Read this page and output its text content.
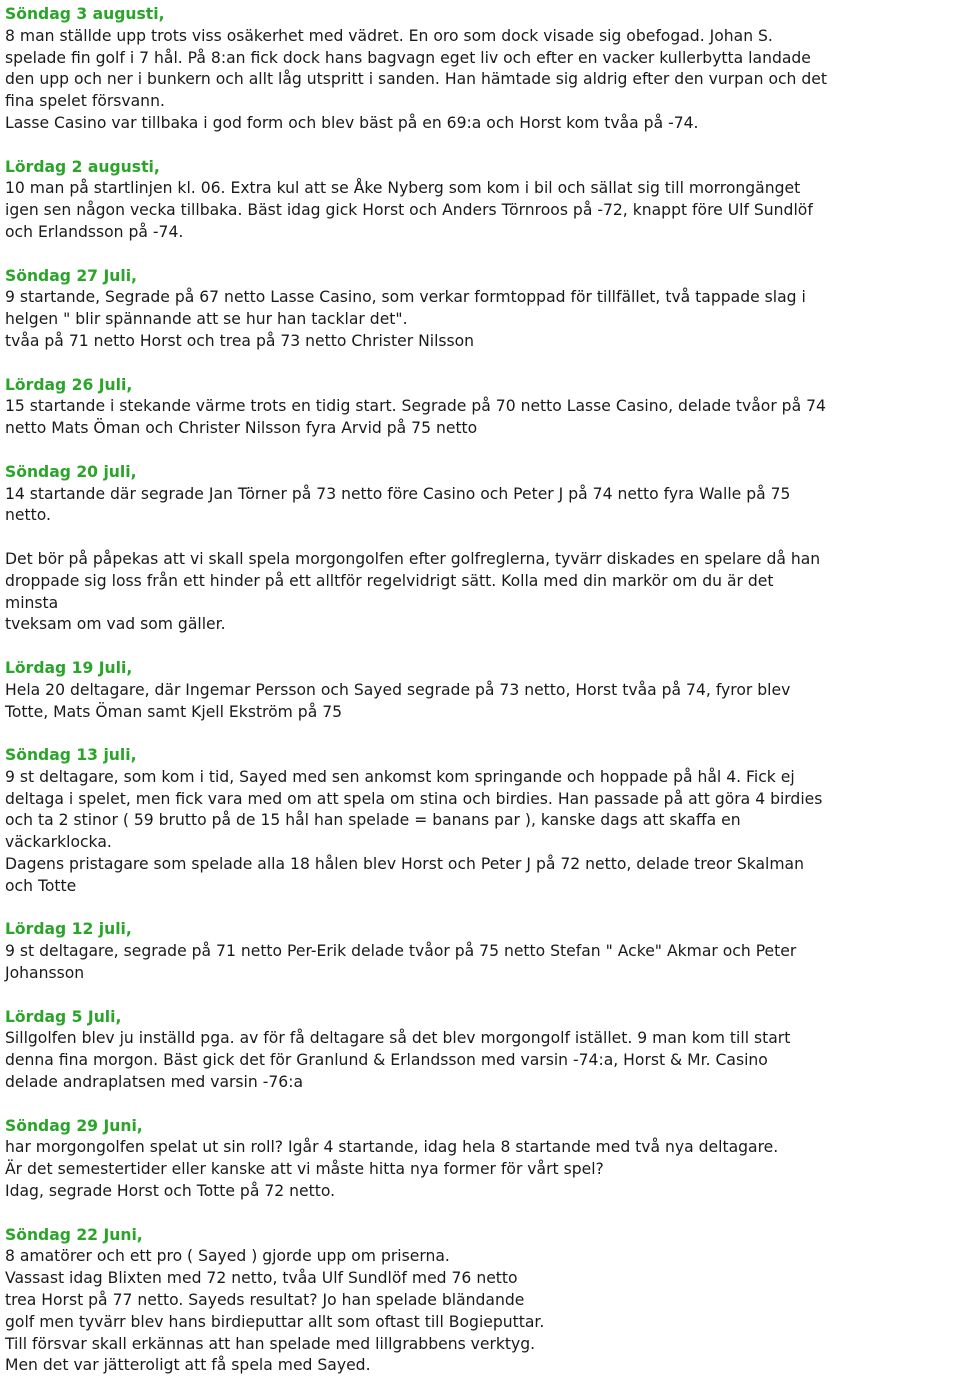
Söndag 3 augusti,
8 man ställde upp trots viss osäkerhet med vädret. En oro som dock visade sig obefogad. Johan S.
spelade fin golf i 7 hål. På 8:an fick dock hans bagvagn eget liv och efter en vacker kullerbytta landade
den upp och ner i bunkern och allt låg utspritt i sanden. Han hämtade sig aldrig efter den vurpan och det
fina spelet försvann.
Lasse Casino var tillbaka i god form och blev bäst på en 69:a och Horst kom tvåa på -74.
Lördag 2 augusti,
10 man på startlinjen kl. 06. Extra kul att se Åke Nyberg som kom i bil och sällat sig till morrongänget
igen sen någon vecka tillbaka. Bäst idag gick Horst och Anders Törnroos på -72, knappt före Ulf Sundlöf
och Erlandsson på -74.
Söndag 27 Juli,
9 startande, Segrade på 67 netto Lasse Casino, som verkar formtoppad för tillfället, två tappade slag i
helgen " blir spännande att se hur han tacklar det".
tvåa på 71 netto Horst och trea på 73 netto Christer Nilsson
Lördag 26 Juli,
15 startande i stekande värme trots en tidig start. Segrade på 70 netto Lasse Casino, delade tvåor på 74
netto Mats Öman och Christer Nilsson fyra Arvid på 75 netto
Söndag 20 juli,
14 startande där segrade Jan Törner på 73 netto före Casino och Peter J på 74 netto fyra Walle på 75
netto.
Det bör på påpekas att vi skall spela morgongolfen efter golfreglerna, tyvärr diskades en spelare då han
droppade sig loss från ett hinder på ett alltför regelvidrigt sätt. Kolla med din markör om du är det
minsta
tveksam om vad som gäller.
Lördag 19 Juli,
Hela 20 deltagare, där Ingemar Persson och Sayed segrade på 73 netto, Horst tvåa på 74, fyror blev
Totte, Mats Öman samt Kjell Ekström på 75
Söndag 13 juli,
9 st deltagare, som kom i tid, Sayed med sen ankomst kom springande och hoppade på hål 4. Fick ej
deltaga i spelet, men fick vara med om att spela om stina och birdies. Han passade på att göra 4 birdies
och ta 2 stinor ( 59 brutto på de 15 hål han spelade = banans par ), kanske dags att skaffa en
väckarklocka.
Dagens pristagare som spelade alla 18 hålen blev Horst och Peter J på 72 netto, delade treor Skalman
och Totte
Lördag 12 juli,
9 st deltagare, segrade på 71 netto Per-Erik delade tvåor på 75 netto Stefan " Acke" Akmar och Peter
Johansson
Lördag 5 Juli,
Sillgolfen blev ju inställd pga. av för få deltagare så det blev morgongolf istället. 9 man kom till start
denna fina morgon. Bäst gick det för Granlund & Erlandsson med varsin -74:a, Horst & Mr. Casino
delade andraplatsen med varsin -76:a
Söndag 29 Juni,
har morgongolfen spelat ut sin roll? Igår 4 startande, idag hela 8 startande med två nya deltagare.
Är det semestertider eller kanske att vi måste hitta nya former för vårt spel?
Idag, segrade Horst och Totte på 72 netto.
Söndag 22 Juni,
8 amatörer och ett pro ( Sayed ) gjorde upp om priserna.
Vassast idag Blixten med 72 netto, tvåa Ulf Sundlöf med 76 netto
trea Horst på 77 netto. Sayeds resultat? Jo han spelade bländande
golf men tyvärr blev hans birdieputtar allt som oftast till Bogieputtar.
Till försvar skall erkännas att han spelade med lillgrabbens verktyg.
Men det var jätteroligt att få spela med Sayed.
